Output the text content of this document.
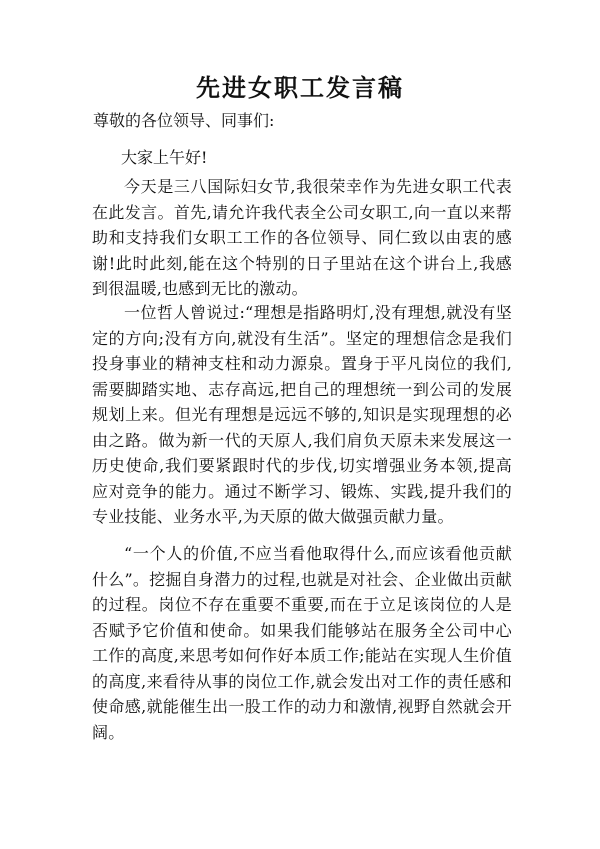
先进女职工发言稿

尊敬的各位领导、同事们:

大家上午好!

今天是三八国际妇女节,我很荣幸作为先进女职工代表在此发言。首先,请允许我代表全公司女职工,向一直以来帮助和支持我们女职工工作的各位领导、同仁致以由衷的感谢!此时此刻,能在这个特别的日子里站在这个讲台上,我感到很温暖,也感到无比的激动。

一位哲人曾说过:“理想是指路明灯,没有理想,就没有坚定的方向;没有方向,就没有生活”。坚定的理想信念是我们投身事业的精神支柱和动力源泉。置身于平凡岗位的我们,需要脚踏实地、志存高远,把自己的理想统一到公司的发展规划上来。但光有理想是远远不够的,知识是实现理想的必由之路。做为新一代的天原人,我们肩负天原未来发展这一历史使命,我们要紧跟时代的步伐,切实增强业务本领,提高应对竞争的能力。通过不断学习、锻炼、实践,提升我们的专业技能、业务水平,为天原的做大做强贡献力量。

“一个人的价值,不应当看他取得什么,而应该看他贡献什么”。挖掘自身潜力的过程,也就是对社会、企业做出贡献的过程。岗位不存在重要不重要,而在于立足该岗位的人是否赋予它价值和使命。如果我们能够站在服务全公司中心工作的高度,来思考如何作好本质工作;能站在实现人生价值的高度,来看待从事的岗位工作,就会发出对工作的责任感和使命感,就能催生出一股工作的动力和激情,视野自然就会开阔。
